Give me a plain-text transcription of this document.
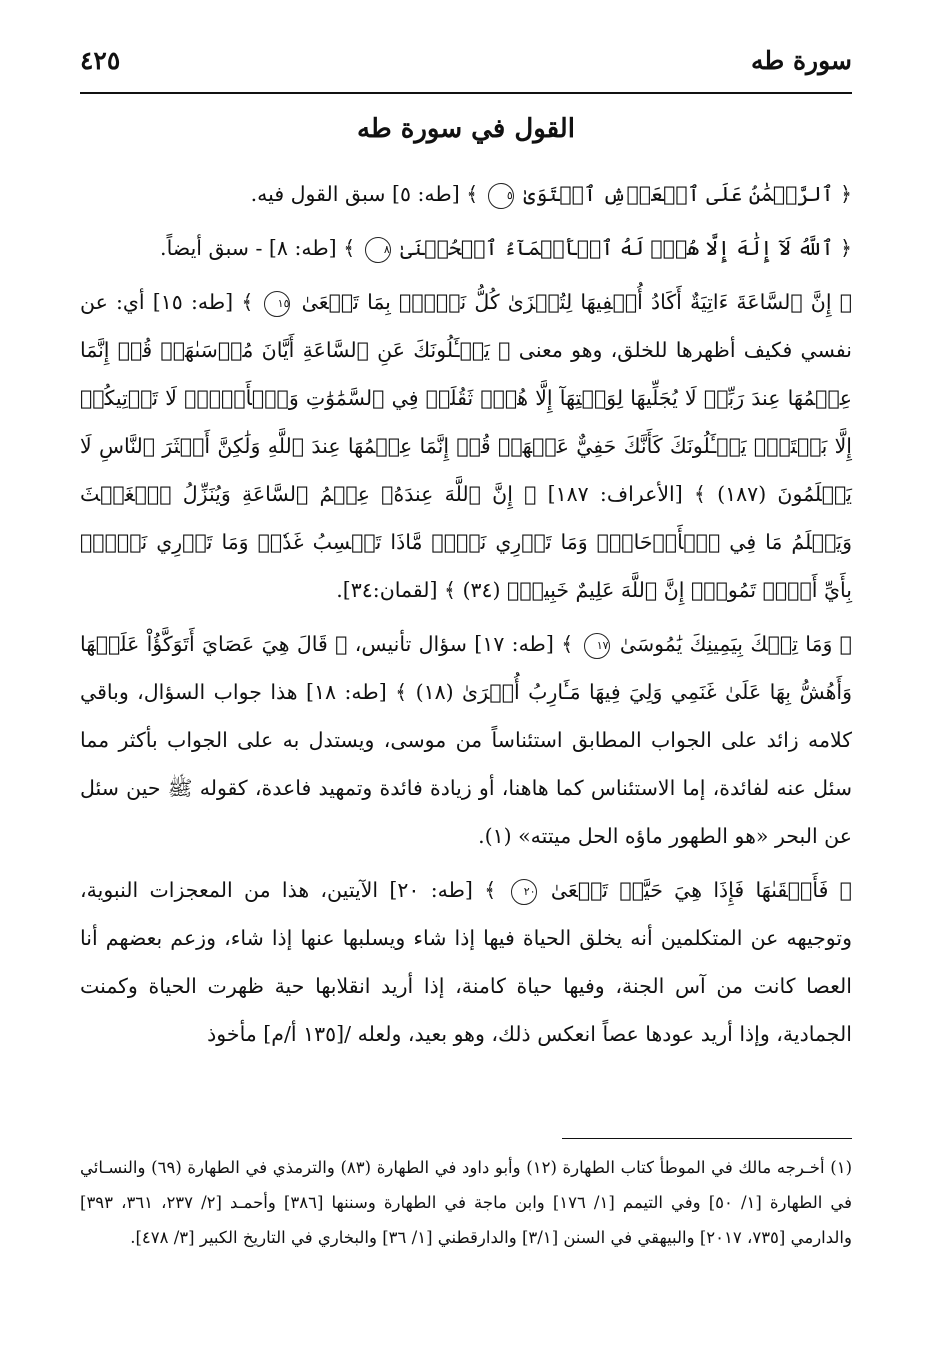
سورة طه
٤٢٥
القول في سورة طه

﴿ ٱلرَّحۡمَٰنُ عَلَى ٱلۡعَرۡشِ ٱسۡتَوَىٰ ٥ ﴾ [طه: ٥] سبق القول فيه.

﴿ ٱللَّهُ لَآ إِلَٰهَ إِلَّا هُوَۖ لَهُ ٱلۡأَسۡمَآءُ ٱلۡحُسۡنَىٰ ٨ ﴾ [طه: ٨] - سبق أيضاً.

﴿ إِنَّ ٱلسَّاعَةَ ءَاتِيَةٌ أَكَادُ أُخۡفِيهَا لِتُجۡزَىٰ كُلُّ نَفۡسِۭ بِمَا تَسۡعَىٰ ١٥ ﴾ [طه: ١٥] أي: عن نفسي فكيف أظهرها للخلق، وهو معنى ﴿ يَسۡـَٔلُونَكَ عَنِ ٱلسَّاعَةِ أَيَّانَ مُرۡسَىٰهَاۖ قُلۡ إِنَّمَا عِلۡمُهَا عِندَ رَبِّيۖ لَا يُجَلِّيهَا لِوَقۡتِهَآ إِلَّا هُوَۚ ثَقُلَتۡ فِي ٱلسَّمَٰوَٰتِ وَٱلۡأَرۡضِۚ لَا تَأۡتِيكُمۡ إِلَّا بَغۡتَةٗۗ يَسۡـَٔلُونَكَ كَأَنَّكَ حَفِيٌّ عَنۡهَاۖ قُلۡ إِنَّمَا عِلۡمُهَا عِندَ ٱللَّهِ وَلَٰكِنَّ أَكۡثَرَ ٱلنَّاسِ لَا يَعۡلَمُونَ (١٨٧) ﴾ [الأعراف: ١٨٧] ﴿ إِنَّ ٱللَّهَ عِندَهُۥ عِلۡمُ ٱلسَّاعَةِ وَيُنَزِّلُ ٱلۡغَيۡثَ وَيَعۡلَمُ مَا فِي ٱلۡأَرۡحَامِۖ وَمَا تَدۡرِي نَفۡسٞ مَّاذَا تَكۡسِبُ غَدٗاۖ وَمَا تَدۡرِي نَفۡسُۢ بِأَيِّ أَرۡضٖ تَمُوتُۚ إِنَّ ٱللَّهَ عَلِيمٌ خَبِيرُۢ (٣٤) ﴾ [لقمان:٣٤].

﴿ وَمَا تِلۡكَ بِيَمِينِكَ يَٰمُوسَىٰ ١٧ ﴾ [طه: ١٧] سؤال تأنيس، ﴿ قَالَ هِيَ عَصَايَ أَتَوَكَّؤُاْ عَلَيۡهَا وَأَهُشُّ بِهَا عَلَىٰ غَنَمِي وَلِيَ فِيهَا مَـَٔارِبُ أُخۡرَىٰ (١٨) ﴾ [طه: ١٨] هذا جواب السؤال، وباقي كلامه زائد على الجواب المطابق استئناساً من موسى، ويستدل به على الجواب بأكثر مما سئل عنه لفائدة، إما الاستئناس كما هاهنا، أو زيادة فائدة وتمهيد فاعدة، كقوله ﷺ حين سئل عن البحر «هو الطهور ماؤه الحل ميتته» (١).

﴿ فَأَلۡقَىٰهَا فَإِذَا هِيَ حَيَّةٞ تَسۡعَىٰ ٢٠ ﴾ [طه: ٢٠] الآيتين، هذا من المعجزات النبوية، وتوجيهه عن المتكلمين أنه يخلق الحياة فيها إذا شاء ويسلبها عنها إذا شاء، وزعم بعضهم أنا العصا كانت من آس الجنة، وفيها حياة كامنة، إذا أريد انقلابها حية ظهرت الحياة وكمنت الجمادية، وإذا أريد عودها عصاً انعكس ذلك، وهو بعيد، ولعله /[١٣٥ أ/م] مأخوذ

(١) أخـرجه مالك في الموطأ كتاب الطهارة (١٢) وأبو داود في الطهارة (٨٣) والترمذي في الطهارة (٦٩) والنسـائي في الطهارة [١/ ٥٠] وفي التيمم [١/ ١٧٦] وابن ماجة في الطهارة وسننها [٣٨٦] وأحمـد [٢/ ٢٣٧، ٣٦١، ٣٩٣] والدارمي [٧٣٥، ٢٠١٧] والبيهقي في السنن [٣/١] والدارقطني [١/ ٣٦] والبخاري في التاريخ الكبير [٣/ ٤٧٨].
